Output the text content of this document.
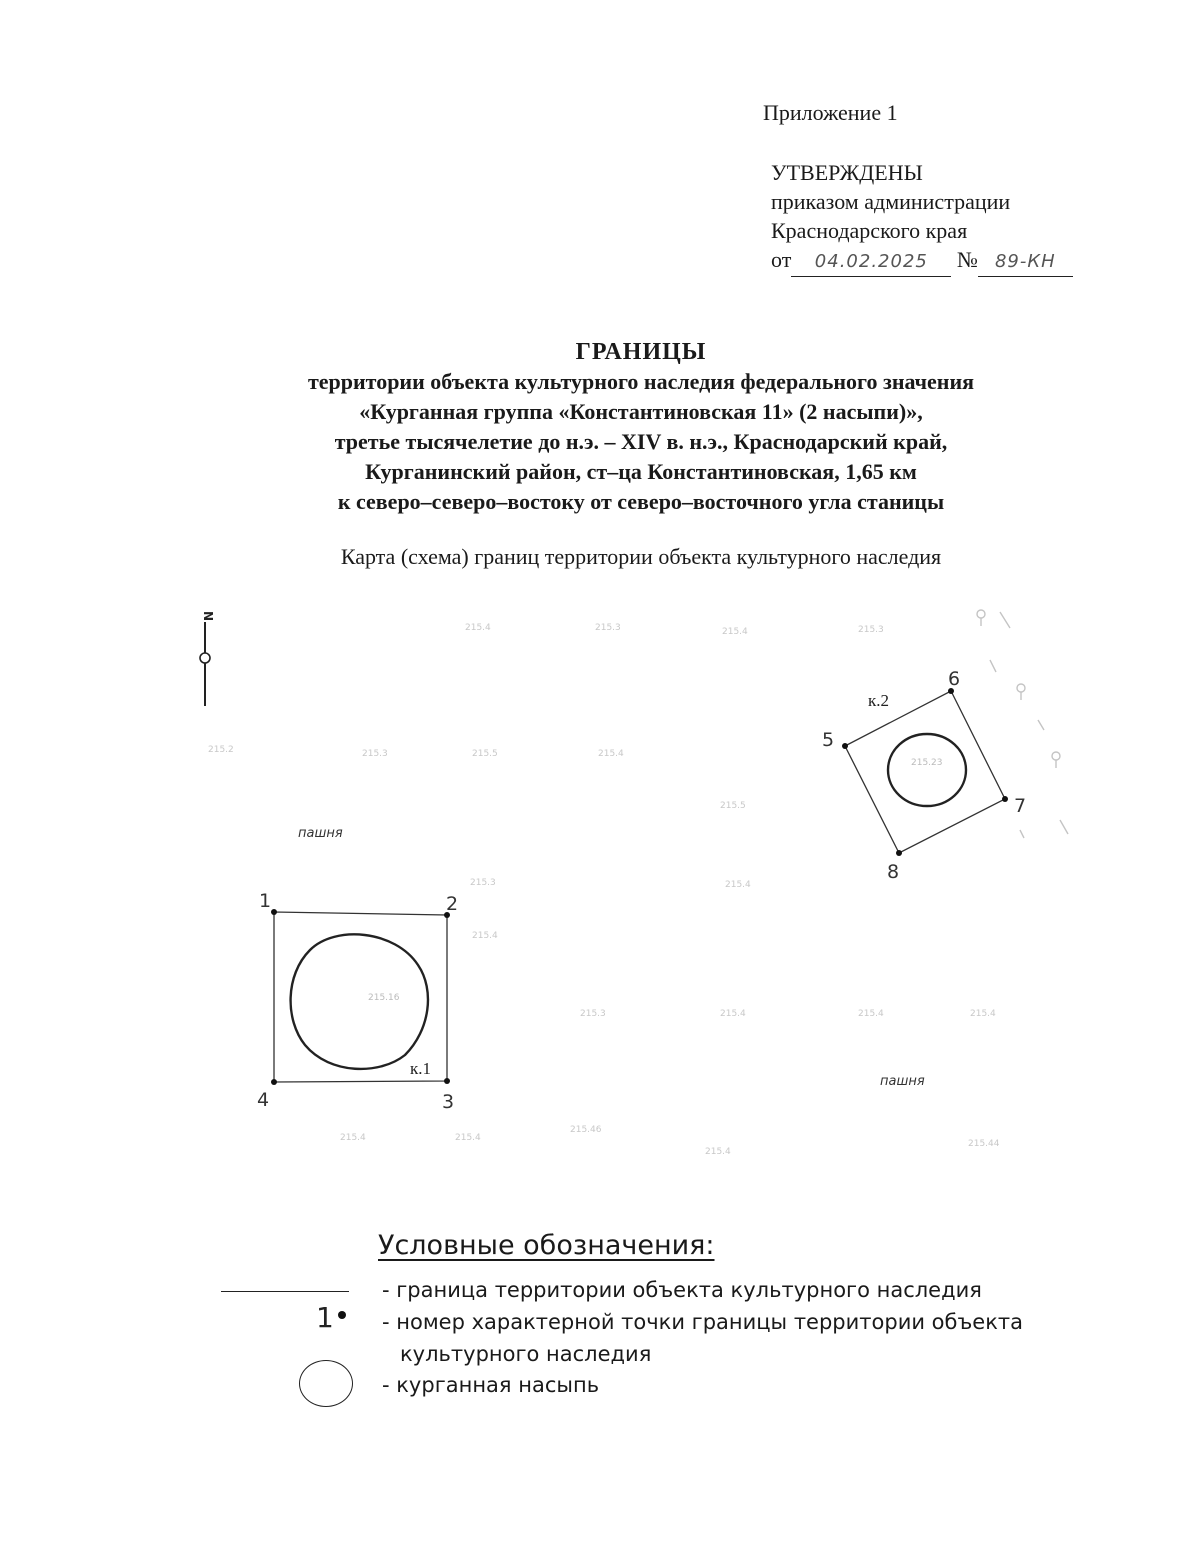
Приложение 1
УТВЕРЖДЕНЫ
приказом администрации
Краснодарского края
от 04.02.2025 № 89-КН
ГРАНИЦЫ
территории объекта культурного наследия федерального значения
«Курганная группа «Константиновская 11» (2 насыпи)»,
третье тысячелетие до н.э. – XIV в. н.э., Краснодарский край,
Курганинский район, ст–ца Константиновская, 1,65 км
к северо–северо–востоку от северо–восточного угла станицы
Карта (схема) границ территории объекта культурного наследия
N
215.4	215.3	215.4	215.3
215.2	215.3	215.5	215.4
215.5
215.3	215.4
215.4
215.3	215.4	215.4	215.4
215.4	215.4
215.46
215.4
215.44
пашня
пашня
215.16
к.1
1	2
3
4
215.23
к.2
5
6
7
8
Условные обозначения:
- граница территории объекта культурного наследия
1 - номер характерной точки границы территории объекта
культурного наследия
- курганная насыпь
